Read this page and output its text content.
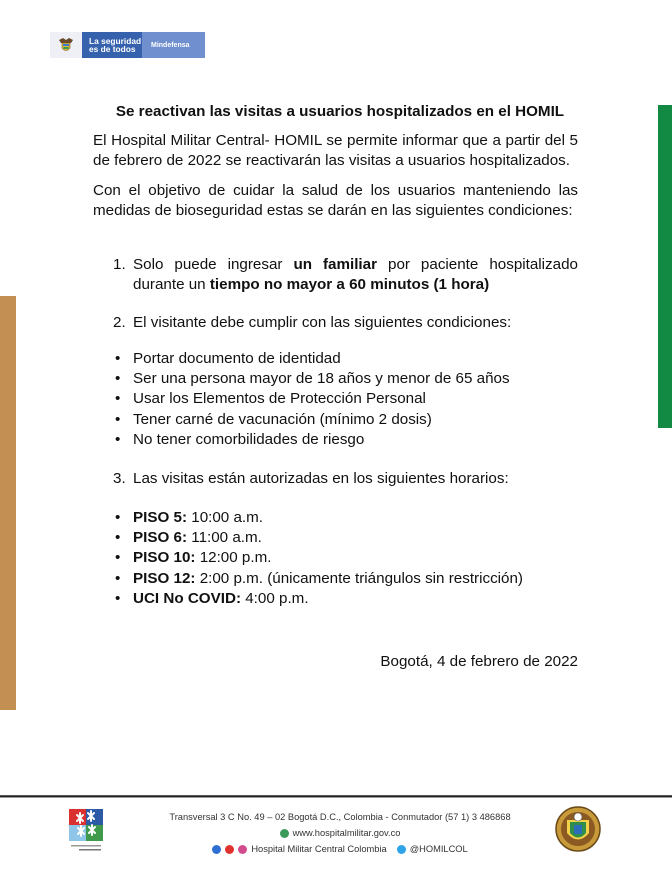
La seguridad
es de todos	Mindefensa
Se reactivan las visitas a usuarios hospitalizados en el HOMIL
El Hospital Militar Central- HOMIL se permite informar que a partir del 5 de febrero de 2022 se reactivarán las visitas a usuarios hospitalizados.
Con el objetivo de cuidar la salud de los usuarios manteniendo las medidas de bioseguridad estas se darán en las siguientes condiciones:
1. Solo puede ingresar un familiar por paciente hospitalizado durante un tiempo no mayor a 60 minutos (1 hora)
2. El visitante debe cumplir con las siguientes condiciones:
• Portar documento de identidad
• Ser una persona mayor de 18 años y menor de 65 años
• Usar los Elementos de Protección Personal
• Tener carné de vacunación (mínimo 2 dosis)
• No tener comorbilidades de riesgo
3. Las visitas están autorizadas en los siguientes horarios:
• PISO 5: 10:00 a.m.
• PISO 6: 11:00 a.m.
• PISO 10: 12:00 p.m.
• PISO 12: 2:00 p.m. (únicamente triángulos sin restricción)
• UCI No COVID: 4:00 p.m.
Bogotá, 4 de febrero de 2022
Transversal 3 C No. 49 – 02 Bogotá D.C., Colombia - Conmutador (57 1) 3 486868
www.hospitalmilitar.gov.co
Hospital Militar Central Colombia @HOMILCOL
